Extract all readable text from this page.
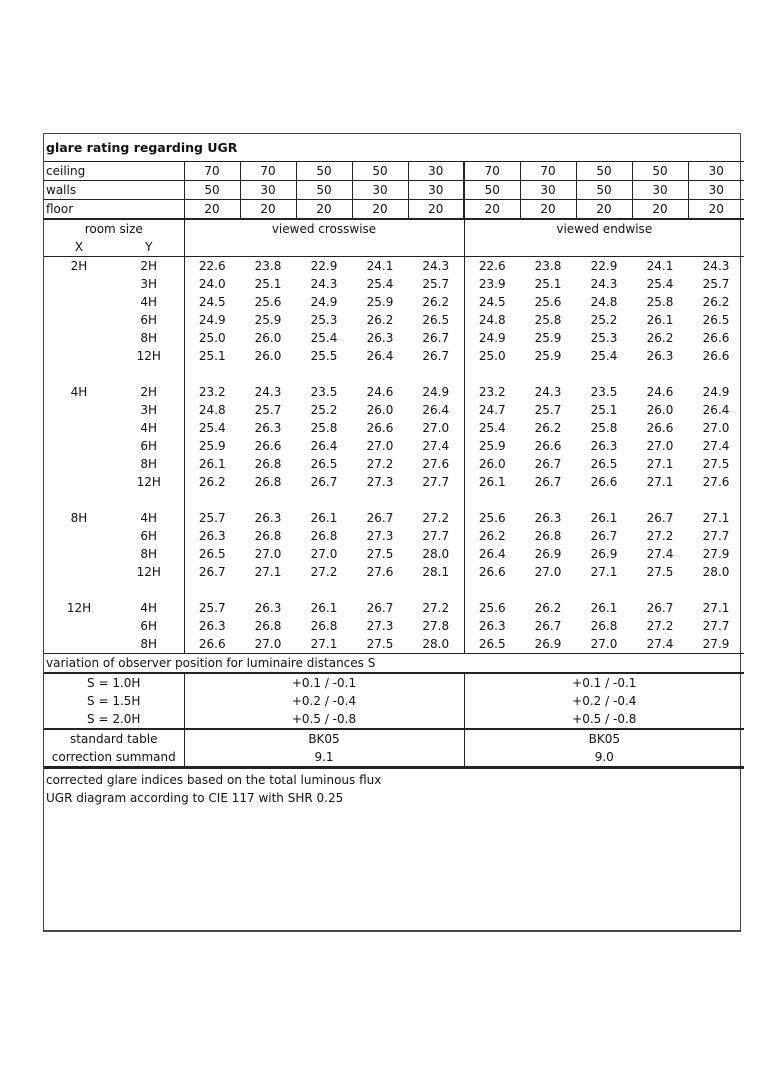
glare rating regarding UGR											
ceiling		70	70	50	50	30	70	70	50	50	30
walls		50	30	50	30	30	50	30	50	30	30
floor		20	20	20	20	20	20	20	20	20	20
room size		viewed crosswise					viewed endwise				
X	Y										
2H	2H	22.6	23.8	22.9	24.1	24.3	22.6	23.8	22.9	24.1	24.3
	3H	24.0	25.1	24.3	25.4	25.7	23.9	25.1	24.3	25.4	25.7
	4H	24.5	25.6	24.9	25.9	26.2	24.5	25.6	24.8	25.8	26.2
	6H	24.9	25.9	25.3	26.2	26.5	24.8	25.8	25.2	26.1	26.5
	8H	25.0	26.0	25.4	26.3	26.7	24.9	25.9	25.3	26.2	26.6
	12H	25.1	26.0	25.5	26.4	26.7	25.0	25.9	25.4	26.3	26.6

4H	2H	23.2	24.3	23.5	24.6	24.9	23.2	24.3	23.5	24.6	24.9
	3H	24.8	25.7	25.2	26.0	26.4	24.7	25.7	25.1	26.0	26.4
	4H	25.4	26.3	25.8	26.6	27.0	25.4	26.2	25.8	26.6	27.0
	6H	25.9	26.6	26.4	27.0	27.4	25.9	26.6	26.3	27.0	27.4
	8H	26.1	26.8	26.5	27.2	27.6	26.0	26.7	26.5	27.1	27.5
	12H	26.2	26.8	26.7	27.3	27.7	26.1	26.7	26.6	27.1	27.6

8H	4H	25.7	26.3	26.1	26.7	27.2	25.6	26.3	26.1	26.7	27.1
	6H	26.3	26.8	26.8	27.3	27.7	26.2	26.8	26.7	27.2	27.7
	8H	26.5	27.0	27.0	27.5	28.0	26.4	26.9	26.9	27.4	27.9
	12H	26.7	27.1	27.2	27.6	28.1	26.6	27.0	27.1	27.5	28.0

12H	4H	25.7	26.3	26.1	26.7	27.2	25.6	26.2	26.1	26.7	27.1
	6H	26.3	26.8	26.8	27.3	27.8	26.3	26.7	26.8	27.2	27.7
	8H	26.6	27.0	27.1	27.5	28.0	26.5	26.9	27.0	27.4	27.9
variation of observer position for luminaire distances S											
S = 1.0H		+0.1 / -0.1					+0.1 / -0.1				
S = 1.5H		+0.2 / -0.4					+0.2 / -0.4				
S = 2.0H		+0.5 / -0.8					+0.5 / -0.8				
standard table		BK05					BK05				
correction summand		9.1					9.0				
corrected glare indices based on the total luminous flux
UGR diagram according to CIE 117 with SHR 0.25
